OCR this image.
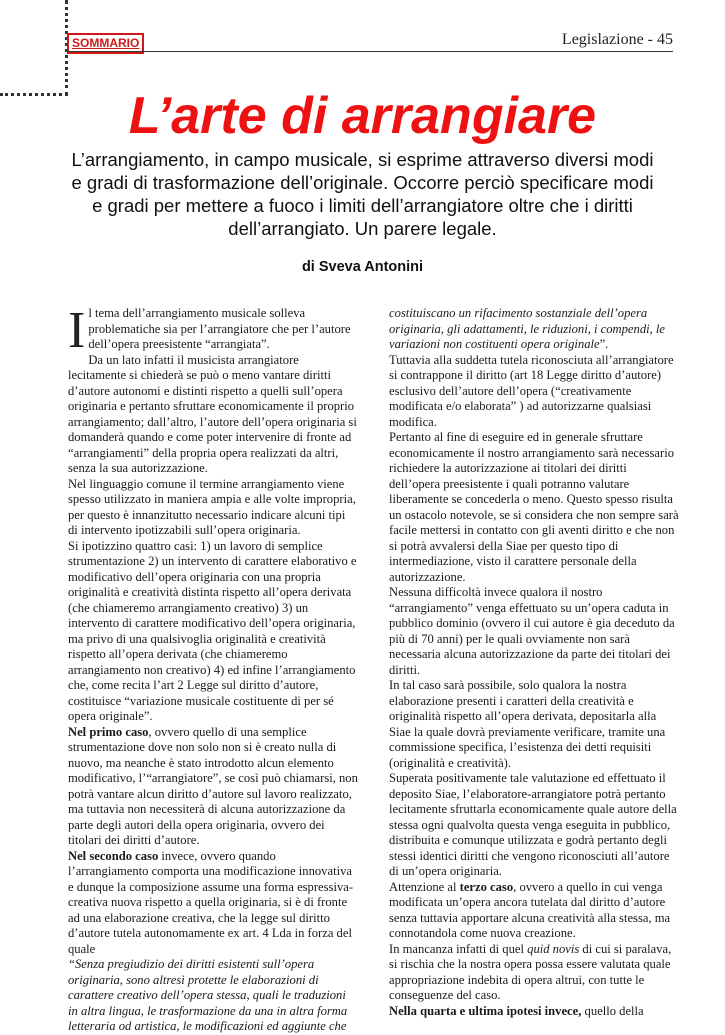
SOMMARIO	Legislazione - 45
L’arte di arrangiare
L’arrangiamento, in campo musicale, si esprime attraverso diversi modi e gradi di trasformazione dell’originale. Occorre perciò specificare modi e gradi per mettere a fuoco i limiti dell’arrangiatore oltre che i diritti dell’arrangiato. Un parere legale.
di Sveva Antonini

Il tema dell’arrangiamento musicale solleva problematiche sia per l’arrangiatore che per l’autore dell’opera preesistente “arrangiata”.

Da un lato infatti il musicista arrangiatore lecitamente si chiederà se può o meno vantare diritti d’autore autonomi e distinti rispetto a quelli sull’opera originaria e pertanto sfruttare economicamente il proprio arrangiamento; dall’altro, l’autore dell’opera originaria si domanderà quando e come poter intervenire di fronte ad “arrangiamenti” della propria opera realizzati da altri, senza la sua autorizzazione.

Nel linguaggio comune il termine arrangiamento viene spesso utilizzato in maniera ampia e alle volte impropria, per questo è innanzitutto necessario indicare alcuni tipi di intervento ipotizzabili sull’opera originaria.

Si ipotizzino quattro casi: 1) un lavoro di semplice strumentazione 2) un intervento di carattere elaborativo e modificativo dell’opera originaria con una propria originalità e creatività distinta rispetto all’opera derivata (che chiameremo arrangiamento creativo) 3) un intervento di carattere modificativo dell’opera originaria, ma privo di una qualsivoglia originalità e creatività rispetto all’opera derivata (che chiameremo arrangiamento non creativo) 4) ed infine l’arrangiamento che, come recita l’art 2 Legge sul diritto d’autore, costituisce “variazione musicale costituente di per sé opera originale”.

Nel primo caso, ovvero quello di una semplice strumentazione dove non solo non si è creato nulla di nuovo, ma neanche è stato introdotto alcun elemento modificativo, l’“arrangiatore”, se così può chiamarsi, non potrà vantare alcun diritto d’autore sul lavoro realizzato, ma tuttavia non necessiterà di alcuna autorizzazione da parte degli autori della opera originaria, ovvero dei titolari dei diritti d’autore.

Nel secondo caso invece, ovvero quando l’arrangiamento comporta una modificazione innovativa e dunque la composizione assume una forma espressiva-creativa nuova rispetto a quella originaria, si è di fronte ad una elaborazione creativa, che la legge sul diritto d’autore tutela autonomamente ex art. 4 Lda in forza del quale
“Senza pregiudizio dei diritti esistenti sull’opera originaria, sono altresì protette le elaborazioni di carattere creativo dell’opera stessa, quali le traduzioni in altra lingua, le trasformazione da una in altra forma letteraria od artistica, le modificazioni ed aggiunte che

costituiscano un rifacimento sostanziale dell’opera originaria, gli adattamenti, le riduzioni, i compendi, le variazioni non costituenti opera originale”.

Tuttavia alla suddetta tutela riconosciuta all’arrangiatore si contrappone il diritto (art 18 Legge diritto d’autore) esclusivo dell’autore dell’opera (“creativamente modificata e/o elaborata” ) ad autorizzarne qualsiasi modifica.

Pertanto al fine di eseguire ed in generale sfruttare economicamente il nostro arrangiamento sarà necessario richiedere la autorizzazione ai titolari dei diritti dell’opera preesistente i quali potranno valutare liberamente se concederla o meno. Questo spesso risulta un ostacolo notevole, se si considera che non sempre sarà facile mettersi in contatto con gli aventi diritto e che non si potrà avvalersi della Siae per questo tipo di intermediazione, visto il carattere personale della autorizzazione.

Nessuna difficoltà invece qualora il nostro “arrangiamento” venga effettuato su un’opera caduta in pubblico dominio (ovvero il cui autore è gia deceduto da più di 70 anni) per le quali ovviamente non sarà necessaria alcuna autorizzazione da parte dei titolari dei diritti.

In tal caso sarà possibile, solo qualora la nostra elaborazione presenti i caratteri della creatività e originalità rispetto all’opera derivata, depositarla alla Siae la quale dovrà previamente verificare, tramite una commissione specifica, l’esistenza dei detti requisiti (originalità e creatività).

Superata positivamente tale valutazione ed effettuato il deposito Siae, l’elaboratore-arrangiatore potrà pertanto lecitamente sfruttarla economicamente quale autore della stessa ogni qualvolta questa venga eseguita in pubblico, distribuita e comunque utilizzata e godrà pertanto degli stessi identici diritti che vengono riconosciuti all’autore di un’opera originaria.

Attenzione al terzo caso, ovvero a quello in cui venga modificata un’opera ancora tutelata dal diritto d’autore senza tuttavia apportare alcuna creatività alla stessa, ma connotandola come nuova creazione.

In mancanza infatti di quel quid novis di cui si paralava, si rischia che la nostra opera possa essere valutata quale appropriazione indebita di opera altrui, con tutte le conseguenze del caso.

Nella quarta e ultima ipotesi invece, quello della
